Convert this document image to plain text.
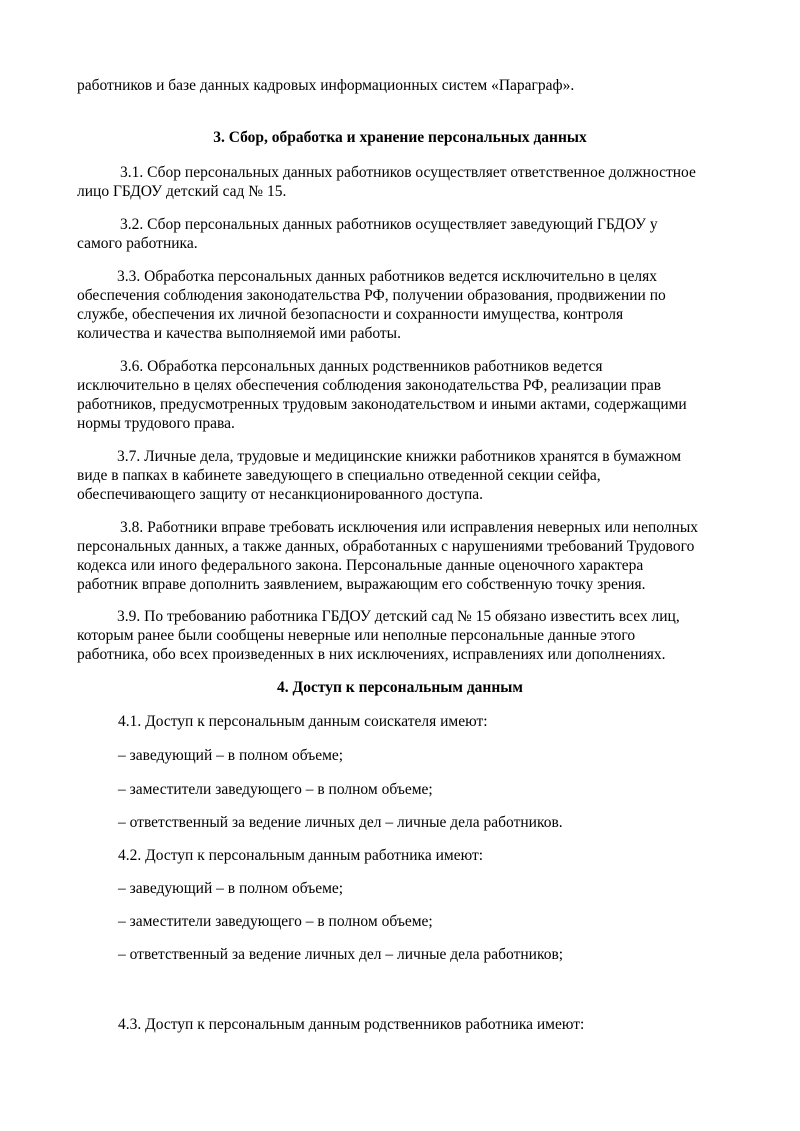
работников и базе данных кадровых информационных систем «Параграф».
3. Сбор, обработка и хранение персональных данных
3.1. Сбор персональных данных работников осуществляет ответственное должностное
лицо ГБДОУ детский сад № 15.
3.2. Сбор персональных данных работников осуществляет заведующий ГБДОУ у
самого работника.
3.3. Обработка персональных данных работников ведется исключительно в целях
обеспечения соблюдения законодательства РФ, получении образования, продвижении по
службе, обеспечения их личной безопасности и сохранности имущества, контроля
количества и качества выполняемой ими работы.
3.6. Обработка персональных данных родственников работников ведется
исключительно в целях обеспечения соблюдения законодательства РФ, реализации прав
работников, предусмотренных трудовым законодательством и иными актами, содержащими
нормы трудового права.
3.7. Личные дела, трудовые и медицинские книжки работников хранятся в бумажном
виде в папках в кабинете заведующего в специально отведенной секции сейфа,
обеспечивающего защиту от несанкционированного доступа.
3.8. Работники вправе требовать исключения или исправления неверных или неполных
персональных данных, а также данных, обработанных с нарушениями требований Трудового
кодекса или иного федерального закона. Персональные данные оценочного характера
работник вправе дополнить заявлением, выражающим его собственную точку зрения.
3.9. По требованию работника ГБДОУ детский сад № 15 обязано известить всех лиц,
которым ранее были сообщены неверные или неполные персональные данные этого
работника, обо всех произведенных в них исключениях, исправлениях или дополнениях.
4. Доступ к персональным данным
4.1. Доступ к персональным данным соискателя имеют:
– заведующий – в полном объеме;
– заместители заведующего – в полном объеме;
– ответственный за ведение личных дел – личные дела работников.
4.2. Доступ к персональным данным работника имеют:
– заведующий – в полном объеме;
– заместители заведующего – в полном объеме;
– ответственный за ведение личных дел – личные дела работников;
4.3. Доступ к персональным данным родственников работника имеют:
